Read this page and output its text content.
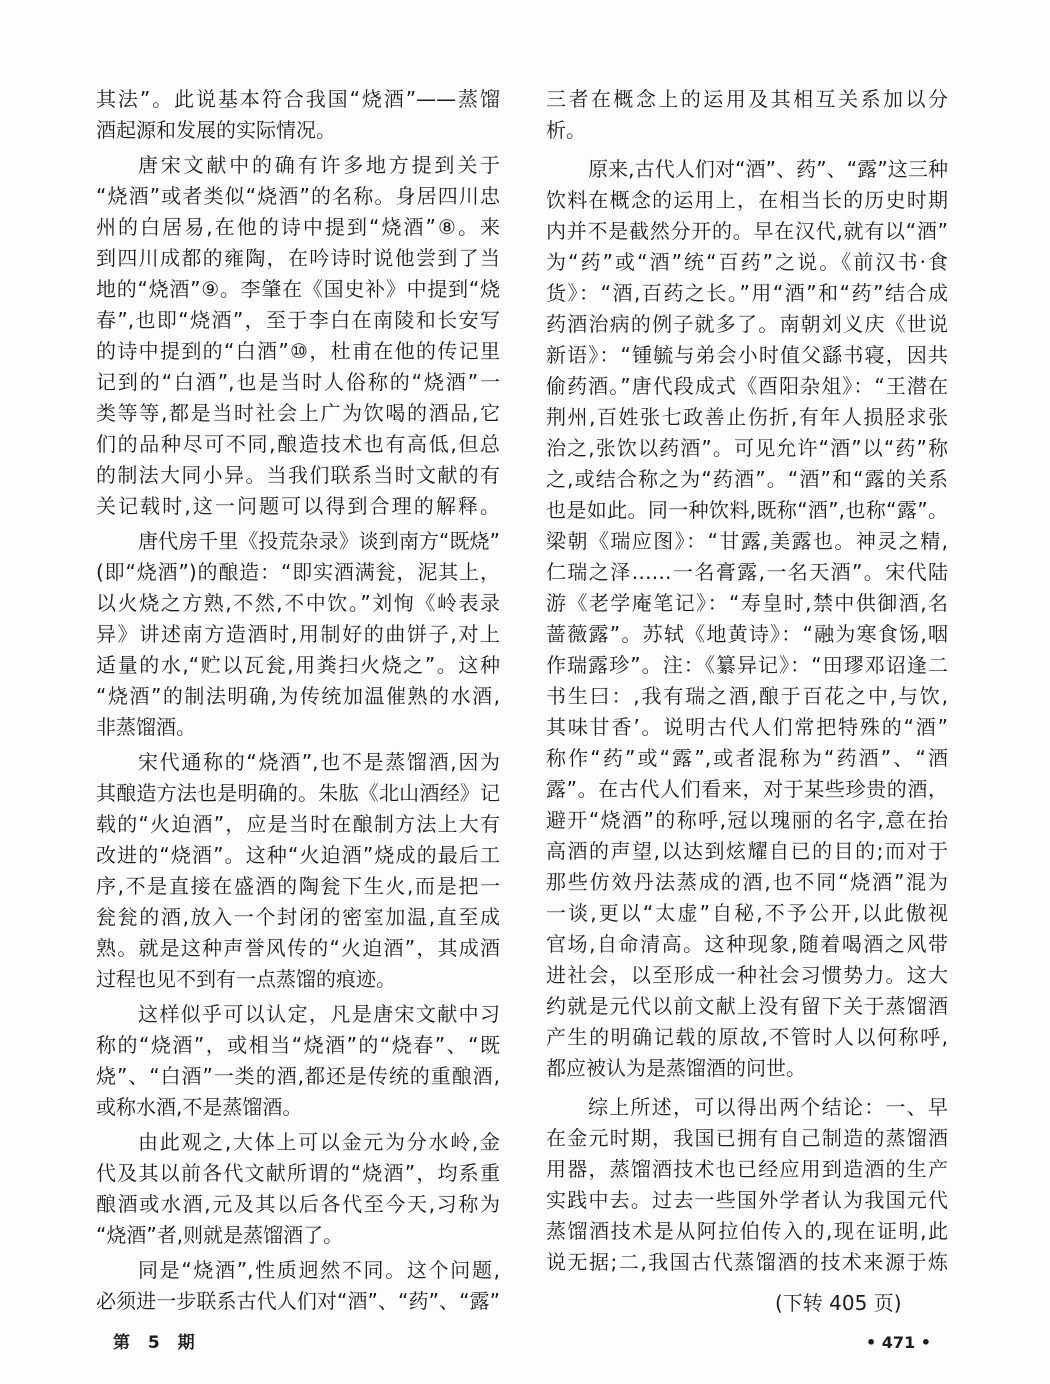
其法”。此说基本符合我国“烧酒”——蒸馏
酒起源和发展的实际情况。
唐宋文献中的确有许多地方提到关于
“烧酒”或者类似“烧酒”的名称。身居四川忠
州的白居易,在他的诗中提到“烧酒”⑧。来
到四川成都的雍陶，在吟诗时说他尝到了当
地的“烧酒”⑨。李肇在《国史补》中提到“烧
春”,也即“烧酒”，至于李白在南陵和长安写
的诗中提到的“白酒”⑩，杜甫在他的传记里
记到的“白酒”,也是当时人俗称的“烧酒”一
类等等,都是当时社会上广为饮喝的酒品,它
们的品种尽可不同,酿造技术也有高低,但总
的制法大同小异。当我们联系当时文献的有
关记载时,这一问题可以得到合理的解释。
唐代房千里《投荒杂录》谈到南方“既烧”
(即“烧酒”)的酿造：“即实酒满瓮，泥其上，
以火烧之方熟,不然,不中饮。”刘恂《岭表录
异》讲述南方造酒时,用制好的曲饼子,对上
适量的水,“贮以瓦瓮,用粪扫火烧之”。这种
“烧酒”的制法明确,为传统加温催熟的水酒,
非蒸馏酒。
宋代通称的“烧酒”,也不是蒸馏酒,因为
其酿造方法也是明确的。朱肱《北山酒经》记
载的“火迫酒”，应是当时在酿制方法上大有
改进的“烧酒”。这种“火迫酒”烧成的最后工
序,不是直接在盛酒的陶瓮下生火,而是把一
瓮瓮的酒,放入一个封闭的密室加温,直至成
熟。就是这种声誉风传的“火迫酒”，其成酒
过程也见不到有一点蒸馏的痕迹。
这样似乎可以认定，凡是唐宋文献中习
称的“烧酒”，或相当“烧酒”的“烧春”、“既
烧”、“白酒”一类的酒,都还是传统的重酿酒,
或称水酒,不是蒸馏酒。
由此观之,大体上可以金元为分水岭,金
代及其以前各代文献所谓的“烧酒”，均系重
酿酒或水酒,元及其以后各代至今天,习称为
“烧酒”者,则就是蒸馏酒了。
同是“烧酒”,性质迥然不同。这个问题,
必须进一步联系古代人们对“酒”、“药”、“露”
三者在概念上的运用及其相互关系加以分
析。
原来,古代人们对“酒”、药”、“露”这三种
饮料在概念的运用上，在相当长的历史时期
内并不是截然分开的。早在汉代,就有以“酒”
为“药”或“酒”统“百药”之说。《前汉书·食
货》：“酒,百药之长。”用“酒”和“药”结合成
药酒治病的例子就多了。南朝刘义庆《世说
新语》：“锺毓与弟会小时值父繇书寝，因共
偷药酒。”唐代段成式《酉阳杂俎》：“王潜在
荆州,百姓张七政善止伤折,有年人损胫求张
治之,张饮以药酒”。可见允许“酒”以“药”称
之,或结合称之为“药酒”。“酒”和“露的关系
也是如此。同一种饮料,既称“酒”,也称“露”。
梁朝《瑞应图》：“甘露,美露也。神灵之精,
仁瑞之泽……一名膏露,一名天酒”。宋代陆
游《老学庵笔记》：“寿皇时,禁中供御酒,名
蔷薇露”。苏轼《地黄诗》：“融为寒食饧,咽
作瑞露珍”。注：《纂异记》：“田璆邓诏逢二
书生曰：,我有瑞之酒,酿于百花之中,与饮,
其味甘香’。说明古代人们常把特殊的“酒”
称作“药”或“露”,或者混称为“药酒”、“酒
露”。在古代人们看来，对于某些珍贵的酒，
避开“烧酒”的称呼,冠以瑰丽的名字,意在抬
高酒的声望,以达到炫耀自已的目的;而对于
那些仿效丹法蒸成的酒,也不同“烧酒”混为
一谈,更以“太虚”自秘,不予公开,以此傲视
官场,自命清高。这种现象,随着喝酒之风带
进社会，以至形成一种社会习惯势力。这大
约就是元代以前文献上没有留下关于蒸馏酒
产生的明确记载的原故,不管时人以何称呼,
都应被认为是蒸馏酒的问世。
综上所述，可以得出两个结论：一、早
在金元时期，我国已拥有自己制造的蒸馏酒
用器，蒸馏酒技术也已经应用到造酒的生产
实践中去。过去一些国外学者认为我国元代
蒸馏酒技术是从阿拉伯传入的,现在证明,此
说无据;二,我国古代蒸馏酒的技术来源于炼
(下转 405 页)
第 5 期	• 471 •
